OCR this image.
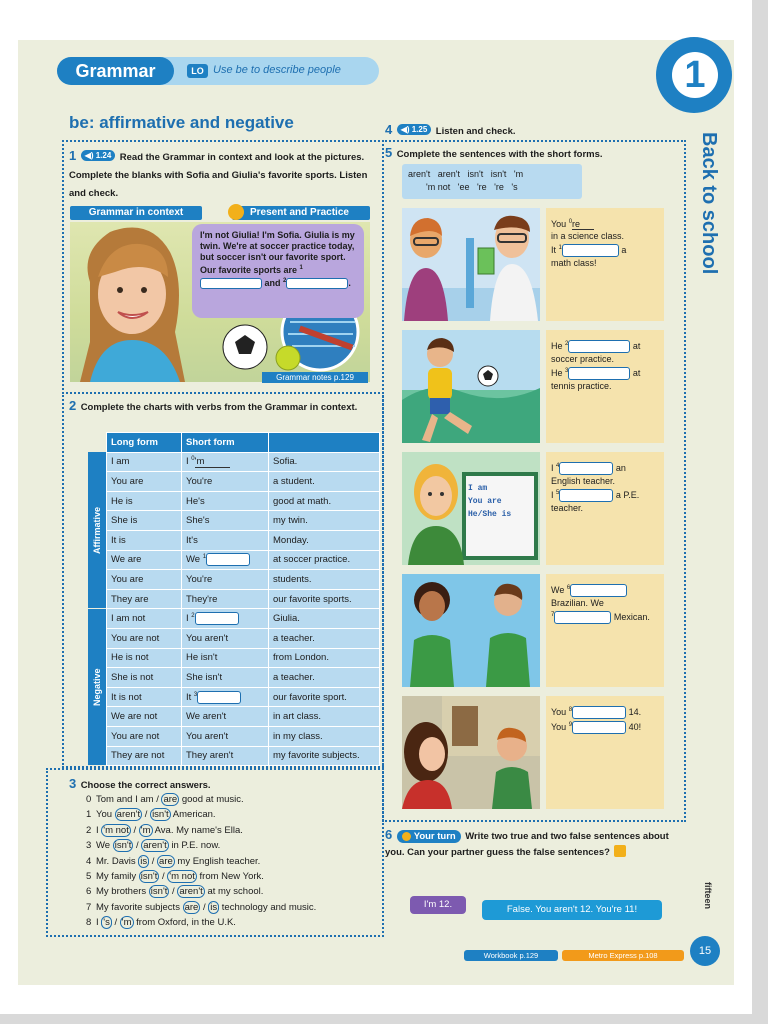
Grammar	LO Use be to describe people	1
Back to school
be: affirmative and negative
1 ◀) 1.24 Read the Grammar in context and look at the pictures. Complete the blanks with Sofia and Giulia's favorite sports. Listen and check.
Grammar in context	Present and Practice
I'm not Giulia! I'm Sofia. Giulia is my twin. We're at soccer practice today, but soccer isn't our favorite sport. Our favorite sports are $^1$ and $^2$	.
Grammar notes p.129
2 Complete the charts with verbs from the Grammar in context.
Affirmative
Negative
Long form	Short form	
I am	I $^0$'m	Sofia.
You are	You're	a student.
He is	He's	good at math.
She is	She's	my twin.
It is	It's	Monday.
We are	We $^1$	at soccer practice.
You are	You're	students.
They are	They're	our favorite sports.
I am not	I $^2$	Giulia.
You are not	You aren't	a teacher.
He is not	He isn't	from London.
She is not	She isn't	a teacher.
It is not	It $^3$	our favorite sport.
We are not	We aren't	in art class.
You are not	You aren't	in my class.
They are not	They aren't	my favorite subjects.
3 Choose the correct answers.
0 Tom and I am / are good at music.
1 You aren't / isn't American.
2 I 'm not / 'm Ava. My name's Ella.
3 We isn't / aren't in P.E. now.
4 Mr. Davis is / are my English teacher.
5 My family isn't / 'm not from New York.
6 My brothers isn't / aren't at my school.
7 My favorite subjects are / is technology and music.
8 I 's / 'm from Oxford, in the U.K.
4 ◀) 1.25 Listen and check.
5 Complete the sentences with the short forms.
aren't   aren't   isn't   isn't   'm
'm not   'ee   're   're   's
You $^0$re
in a science class.
It $^1$	a
math class!
He $^2$	at
soccer practice.
He $^3$	at
tennis practice.
I am
You are
He/She is
I $^4$	an
English teacher.
I $^5$	a P.E.
teacher.
We $^6$
Brazilian. We
$^7$	Mexican.
You $^8$	14.
You $^9$	40!
6 Your turn Write two true and two false sentences about you. Can your partner guess the false sentences?
I'm 12.	False. You aren't 12. You're 11!
fifteen
Workbook p.129	Metro Express p.108	15
